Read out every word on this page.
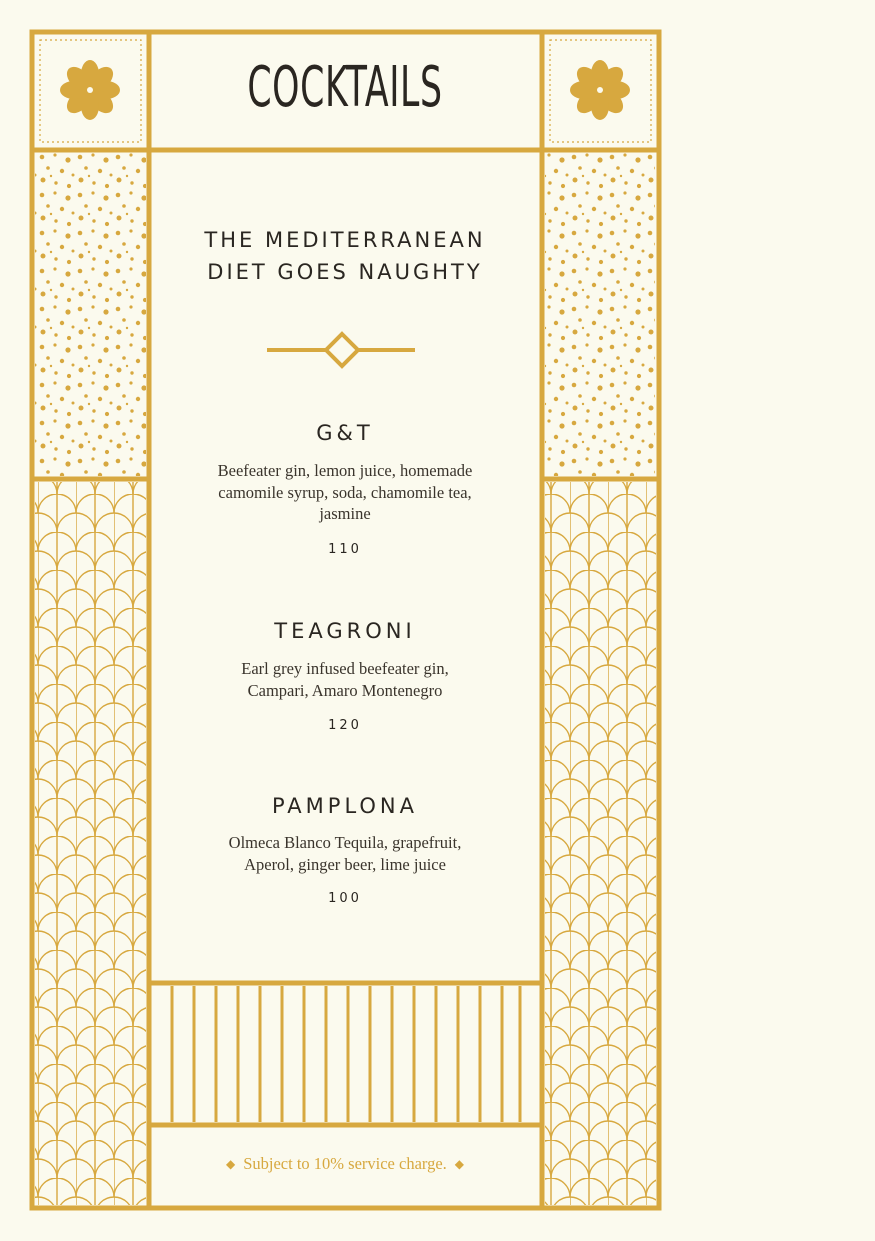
COCKTAILS
THE MEDITERRANEAN
DIET GOES NAUGHTY
G&T
Beefeater gin, lemon juice, homemade
camomile syrup, soda, chamomile tea,
jasmine
110
TEAGRONI
Earl grey infused beefeater gin,
Campari, Amaro Montenegro
120
PAMPLONA
Olmeca Blanco Tequila, grapefruit,
Aperol, ginger beer, lime juice
100
◆ Subject to 10% service charge. ◆
